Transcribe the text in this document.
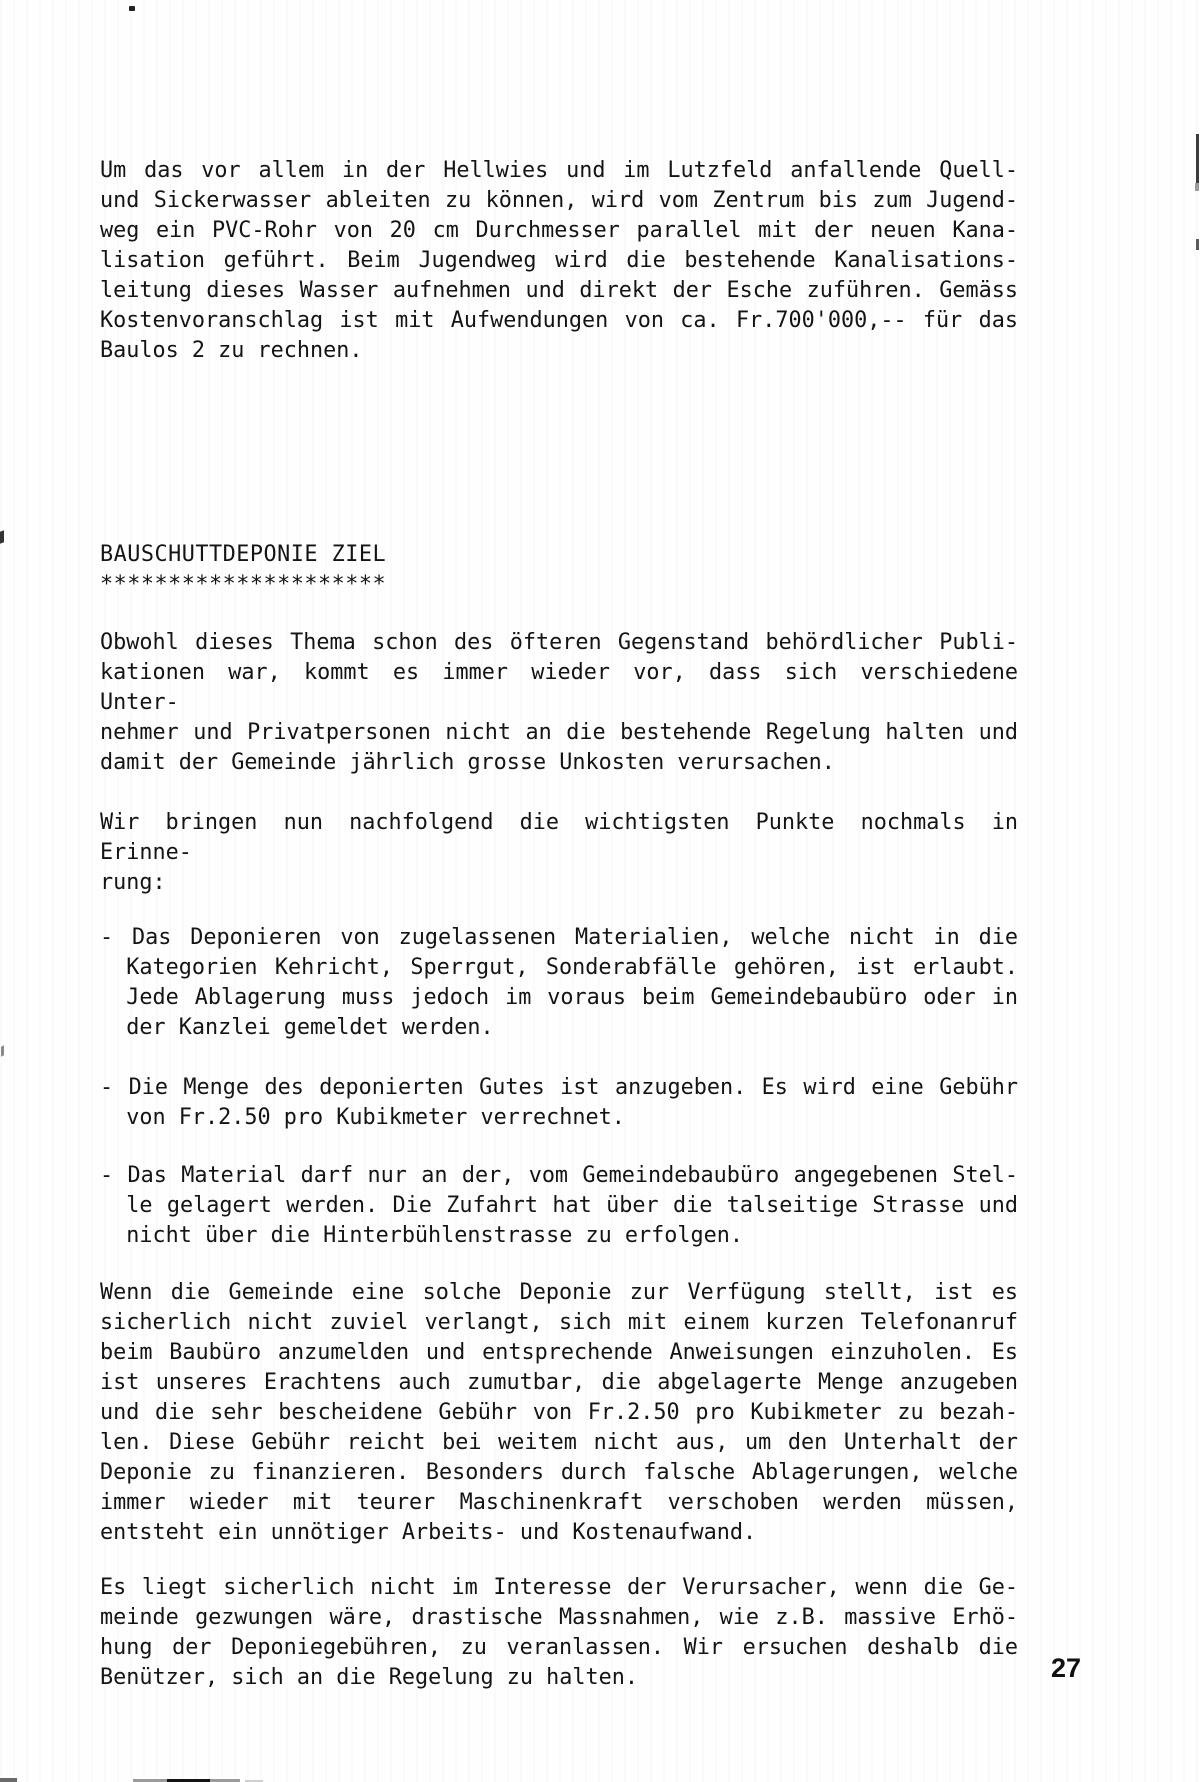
Um das vor allem in der Hellwies und im Lutzfeld anfallende Quell-
und Sickerwasser ableiten zu können, wird vom Zentrum bis zum Jugend-
weg ein PVC-Rohr von 20 cm Durchmesser parallel mit der neuen Kana-
lisation geführt. Beim Jugendweg wird die bestehende Kanalisations-
leitung dieses Wasser aufnehmen und direkt der Esche zuführen. Gemäss
Kostenvoranschlag ist mit Aufwendungen von ca. Fr.700'000,-- für das
Baulos 2 zu rechnen.
BAUSCHUTTDEPONIE ZIEL
*********************
Obwohl dieses Thema schon des öfteren Gegenstand behördlicher Publi-
kationen war, kommt es immer wieder vor, dass sich verschiedene Unter-
nehmer und Privatpersonen nicht an die bestehende Regelung halten und
damit der Gemeinde jährlich grosse Unkosten verursachen.
Wir bringen nun nachfolgend die wichtigsten Punkte nochmals in Erinne-
rung:
- Das Deponieren von zugelassenen Materialien, welche nicht in die
Kategorien Kehricht, Sperrgut, Sonderabfälle gehören, ist erlaubt.
Jede Ablagerung muss jedoch im voraus beim Gemeindebaubüro oder in
der Kanzlei gemeldet werden.
- Die Menge des deponierten Gutes ist anzugeben. Es wird eine Gebühr
von Fr.2.50 pro Kubikmeter verrechnet.
- Das Material darf nur an der, vom Gemeindebaubüro angegebenen Stel-
le gelagert werden. Die Zufahrt hat über die talseitige Strasse und
nicht über die Hinterbühlenstrasse zu erfolgen.
Wenn die Gemeinde eine solche Deponie zur Verfügung stellt, ist es
sicherlich nicht zuviel verlangt, sich mit einem kurzen Telefonanruf
beim Baubüro anzumelden und entsprechende Anweisungen einzuholen. Es
ist unseres Erachtens auch zumutbar, die abgelagerte Menge anzugeben
und die sehr bescheidene Gebühr von Fr.2.50 pro Kubikmeter zu bezah-
len. Diese Gebühr reicht bei weitem nicht aus, um den Unterhalt der
Deponie zu finanzieren. Besonders durch falsche Ablagerungen, welche
immer wieder mit teurer Maschinenkraft verschoben werden müssen,
entsteht ein unnötiger Arbeits- und Kostenaufwand.
Es liegt sicherlich nicht im Interesse der Verursacher, wenn die Ge-
meinde gezwungen wäre, drastische Massnahmen, wie z.B. massive Erhö-
hung der Deponiegebühren, zu veranlassen. Wir ersuchen deshalb die
Benützer, sich an die Regelung zu halten.	27
